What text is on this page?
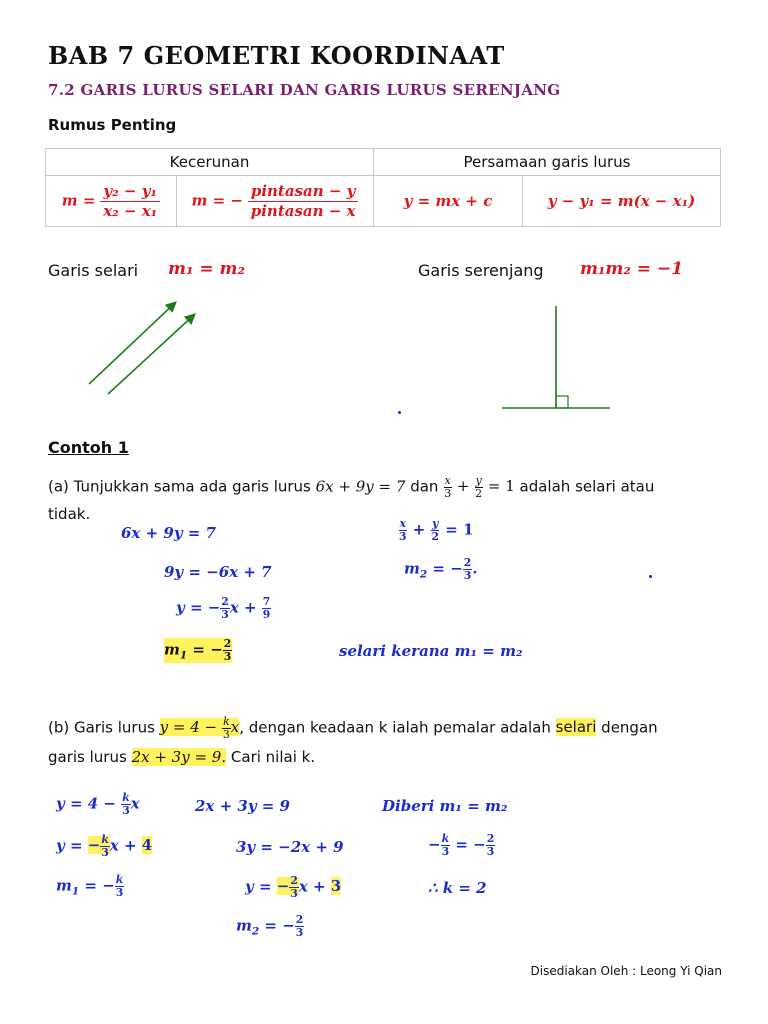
BAB 7 GEOMETRI KOORDINAAT
7.2 GARIS LURUS SELARI DAN GARIS LURUS SERENJANG
Rumus Penting
Kecerunan		Persamaan garis lurus	
$m = \frac{\text{y₂ − y₁}}{\text{x₂ − x₁}}$	m = − $\frac{\text{pintasan − y}}{\text{pintasan − x}}$	y = mx + c	y − y₁ = m(x − x₁)
Garis selari m₁ = m₂	Garis serenjang m₁m₂ = −1
Contoh 1
(a) Tunjukkan sama ada garis lurus 6x + 9y = 7 dan $\frac{x}{3} + \frac{y}{2} = 1$ adalah selari atau
tidak.
6x + 9y = 7
9y = −6x + 7
y = − $\frac{2}{3}$ $x + \frac{7}{9}$
$m_1$ = − $\frac{2}{3}$
$\frac{x}{3} + \frac{y}{2} = 1$
$m_2$ = − $\frac{2}{3}$ .
selari kerana m₁ = m₂
(b) Garis lurus $y = 4 - \frac{k}{3} x$, dengan keadaan k ialah pemalar adalah selari dengan
garis lurus 2x + 3y = 9. Cari nilai k.
$y = 4 - \frac{k}{3}$ x
y = − $\frac{k}{3}$ x + 4
$m_1$ = − $\frac{k}{3}$
2x + 3y = 9
3y = −2x + 9
y = − $\frac{2}{3}$ x + 3
$m_2$ = − $\frac{2}{3}$
Diberi m₁ = m₂
− $\frac{k}{3}$ = − $\frac{2}{3}$
∴ k = 2
Disediakan Oleh : Leong Yi Qian
